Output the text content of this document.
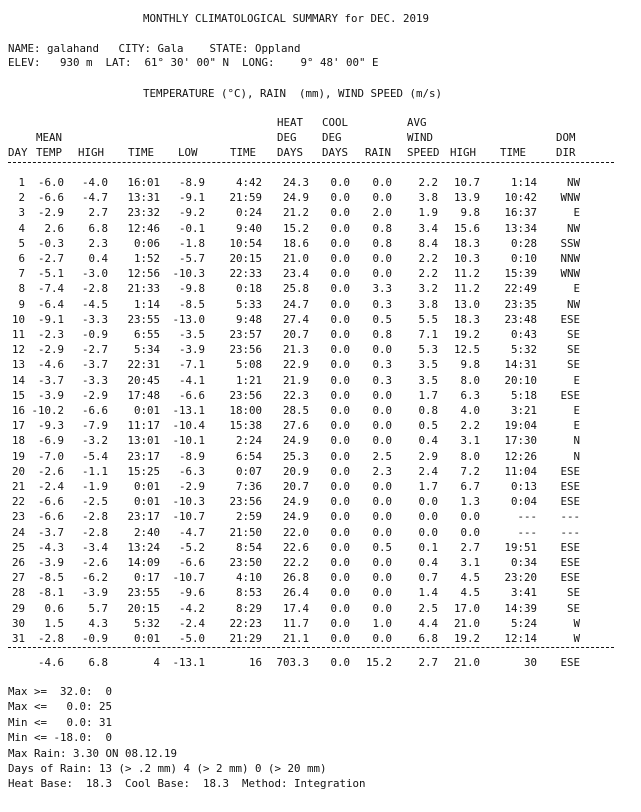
MONTHLY CLIMATOLOGICAL SUMMARY for DEC. 2019
NAME: galahand   CITY: Gala    STATE: Oppland
ELEV:   930 m  LAT:  61° 30' 00" N  LONG:    9° 48' 00" E
TEMPERATURE (°C), RAIN  (mm), WIND SPEED (m/s)
HEAT COOL	AVG
MEAN	DEG DEG	WIND	DOM
DAY TEMP HIGH TIME LOW	TIME DAYS DAYS RAIN SPEED HIGH TIME	DIR
1 -6.0 -4.0 16:01 -8.9	4:42 24.3 0.0 0.0 2.2 10.7	1:14	NW
2 -6.6 -4.7 13:31 -9.1 21:59 24.9 0.0 0.0 3.8 13.9 10:42 WNW
3 -2.9 2.7 23:32 -9.2	0:24 21.2 0.0 2.0 1.9 9.8 16:37	E
4 2.6 6.8 12:46 -0.1	9:40 15.2 0.0 0.8 3.4 15.6 13:34	NW
5 -0.3 2.3 0:06 -1.8 10:54 18.6 0.0 0.8 8.4 18.3	0:28 SSW
6 -2.7 0.4 1:52 -5.7 20:15 21.0 0.0 0.0 2.2 10.3	0:10 NNW
7 -5.1 -3.0 12:56 -10.3 22:33 23.4 0.0 0.0 2.2 11.2 15:39 WNW
8 -7.4 -2.8 21:33 -9.8	0:18 25.8 0.0 3.3 3.2 11.2 22:49	E
9 -6.4 -4.5 1:14 -8.5	5:33 24.7 0.0 0.3 3.8 13.0 23:35	NW
10 -9.1 -3.3 23:55 -13.0	9:48 27.4 0.0 0.5 5.5 18.3 23:48 ESE
11 -2.3 -0.9 6:55 -3.5 23:57 20.7 0.0 0.8 7.1 19.2	0:43	SE
12 -2.9 -2.7 5:34 -3.9 23:56 21.3 0.0 0.0 5.3 12.5	5:32	SE
13 -4.6 -3.7 22:31 -7.1	5:08 22.9 0.0 0.3 3.5 9.8 14:31	SE
14 -3.7 -3.3 20:45 -4.1	1:21 21.9 0.0 0.3 3.5 8.0 20:10	E
15 -3.9 -2.9 17:48 -6.6 23:56 22.3 0.0 0.0 1.7 6.3	5:18 ESE
16 -10.2 -6.6 0:01 -13.1 18:00 28.5 0.0 0.0 0.8 4.0	3:21	E
17 -9.3 -7.9 11:17 -10.4 15:38 27.6 0.0 0.0 0.5 2.2 19:04	E
18 -6.9 -3.2 13:01 -10.1	2:24 24.9 0.0 0.0 0.4 3.1 17:30	N
19 -7.0 -5.4 23:17 -8.9	6:54 25.3 0.0 2.5 2.9 8.0 12:26	N
20 -2.6 -1.1 15:25 -6.3	0:07 20.9 0.0 2.3 2.4 7.2 11:04 ESE
21 -2.4 -1.9 0:01 -2.9	7:36 20.7 0.0 0.0 1.7 6.7	0:13 ESE
22 -6.6 -2.5 0:01 -10.3 23:56 24.9 0.0 0.0 0.0 1.3	0:04 ESE
23 -6.6 -2.8 23:17 -10.7	2:59 24.9 0.0 0.0 0.0 0.0	--- ---
24 -3.7 -2.8 2:40 -4.7 21:50 22.0 0.0 0.0 0.0 0.0	--- ---
25 -4.3 -3.4 13:24 -5.2	8:54 22.6 0.0 0.5 0.1 2.7 19:51 ESE
26 -3.9 -2.6 14:09 -6.6 23:50 22.2 0.0 0.0 0.4 3.1	0:34 ESE
27 -8.5 -6.2 0:17 -10.7	4:10 26.8 0.0 0.0 0.7 4.5 23:20 ESE
28 -8.1 -3.9 23:55 -9.6	8:53 26.4 0.0 0.0 1.4 4.5	3:41	SE
29 0.6 5.7 20:15 -4.2	8:29 17.4 0.0 0.0 2.5 17.0 14:39	SE
30 1.5 4.3 5:32 -2.4 22:23 11.7 0.0 1.0 4.4 21.0	5:24	W
31 -2.8 -0.9 0:01 -5.0 21:29 21.1 0.0 0.0 6.8 19.2 12:14	W
-4.6 6.8	4 -13.1	16 703.3 0.0 15.2 2.7 21.0	30 ESE
Max >=  32.0:  0
Max <=   0.0: 25
Min <=   0.0: 31
Min <= -18.0:  0
Max Rain: 3.30 ON 08.12.19
Days of Rain: 13 (> .2 mm) 4 (> 2 mm) 0 (> 20 mm)
Heat Base:  18.3  Cool Base:  18.3  Method: Integration
